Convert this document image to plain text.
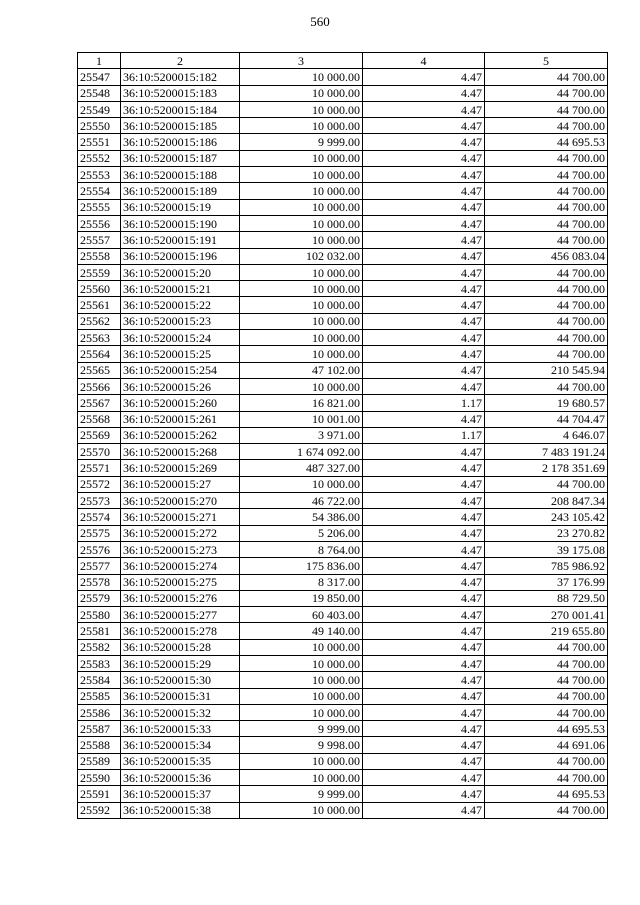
560
1	2	3	4	5
25547	36:10:5200015:182	10 000.00	4.47	44 700.00
25548	36:10:5200015:183	10 000.00	4.47	44 700.00
25549	36:10:5200015:184	10 000.00	4.47	44 700.00
25550	36:10:5200015:185	10 000.00	4.47	44 700.00
25551	36:10:5200015:186	9 999.00	4.47	44 695.53
25552	36:10:5200015:187	10 000.00	4.47	44 700.00
25553	36:10:5200015:188	10 000.00	4.47	44 700.00
25554	36:10:5200015:189	10 000.00	4.47	44 700.00
25555	36:10:5200015:19	10 000.00	4.47	44 700.00
25556	36:10:5200015:190	10 000.00	4.47	44 700.00
25557	36:10:5200015:191	10 000.00	4.47	44 700.00
25558	36:10:5200015:196	102 032.00	4.47	456 083.04
25559	36:10:5200015:20	10 000.00	4.47	44 700.00
25560	36:10:5200015:21	10 000.00	4.47	44 700.00
25561	36:10:5200015:22	10 000.00	4.47	44 700.00
25562	36:10:5200015:23	10 000.00	4.47	44 700.00
25563	36:10:5200015:24	10 000.00	4.47	44 700.00
25564	36:10:5200015:25	10 000.00	4.47	44 700.00
25565	36:10:5200015:254	47 102.00	4.47	210 545.94
25566	36:10:5200015:26	10 000.00	4.47	44 700.00
25567	36:10:5200015:260	16 821.00	1.17	19 680.57
25568	36:10:5200015:261	10 001.00	4.47	44 704.47
25569	36:10:5200015:262	3 971.00	1.17	4 646.07
25570	36:10:5200015:268	1 674 092.00	4.47	7 483 191.24
25571	36:10:5200015:269	487 327.00	4.47	2 178 351.69
25572	36:10:5200015:27	10 000.00	4.47	44 700.00
25573	36:10:5200015:270	46 722.00	4.47	208 847.34
25574	36:10:5200015:271	54 386.00	4.47	243 105.42
25575	36:10:5200015:272	5 206.00	4.47	23 270.82
25576	36:10:5200015:273	8 764.00	4.47	39 175.08
25577	36:10:5200015:274	175 836.00	4.47	785 986.92
25578	36:10:5200015:275	8 317.00	4.47	37 176.99
25579	36:10:5200015:276	19 850.00	4.47	88 729.50
25580	36:10:5200015:277	60 403.00	4.47	270 001.41
25581	36:10:5200015:278	49 140.00	4.47	219 655.80
25582	36:10:5200015:28	10 000.00	4.47	44 700.00
25583	36:10:5200015:29	10 000.00	4.47	44 700.00
25584	36:10:5200015:30	10 000.00	4.47	44 700.00
25585	36:10:5200015:31	10 000.00	4.47	44 700.00
25586	36:10:5200015:32	10 000.00	4.47	44 700.00
25587	36:10:5200015:33	9 999.00	4.47	44 695.53
25588	36:10:5200015:34	9 998.00	4.47	44 691.06
25589	36:10:5200015:35	10 000.00	4.47	44 700.00
25590	36:10:5200015:36	10 000.00	4.47	44 700.00
25591	36:10:5200015:37	9 999.00	4.47	44 695.53
25592	36:10:5200015:38	10 000.00	4.47	44 700.00
